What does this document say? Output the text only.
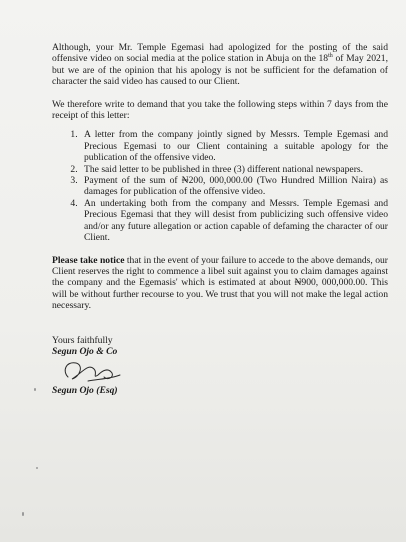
Although, your Mr. Temple Egemasi had apologized for the posting of the said offensive video on social media at the police station in Abuja on the 18th of May 2021, but we are of the opinion that his apology is not be sufficient for the defamation of character the said video has caused to our Client.

We therefore write to demand that you take the following steps within 7 days from the receipt of this letter:

1. A letter from the company jointly signed by Messrs. Temple Egemasi and Precious Egemasi to our Client containing a suitable apology for the publication of the offensive video.
2. The said letter to be published in three (3) different national newspapers.
3. Payment of the sum of ₦200, 000,000.00 (Two Hundred Million Naira) as damages for publication of the offensive video.
4. An undertaking both from the company and Messrs. Temple Egemasi and Precious Egemasi that they will desist from publicizing such offensive video and/or any future allegation or action capable of defaming the character of our Client.

Please take notice that in the event of your failure to accede to the above demands, our Client reserves the right to commence a libel suit against you to claim damages against the company and the Egemasis' which is estimated at about ₦900, 000,000.00. This will be without further recourse to you. We trust that you will not make the legal action necessary.

Yours faithfully

Segun Ojo & Co

Segun Ojo (Esq)
